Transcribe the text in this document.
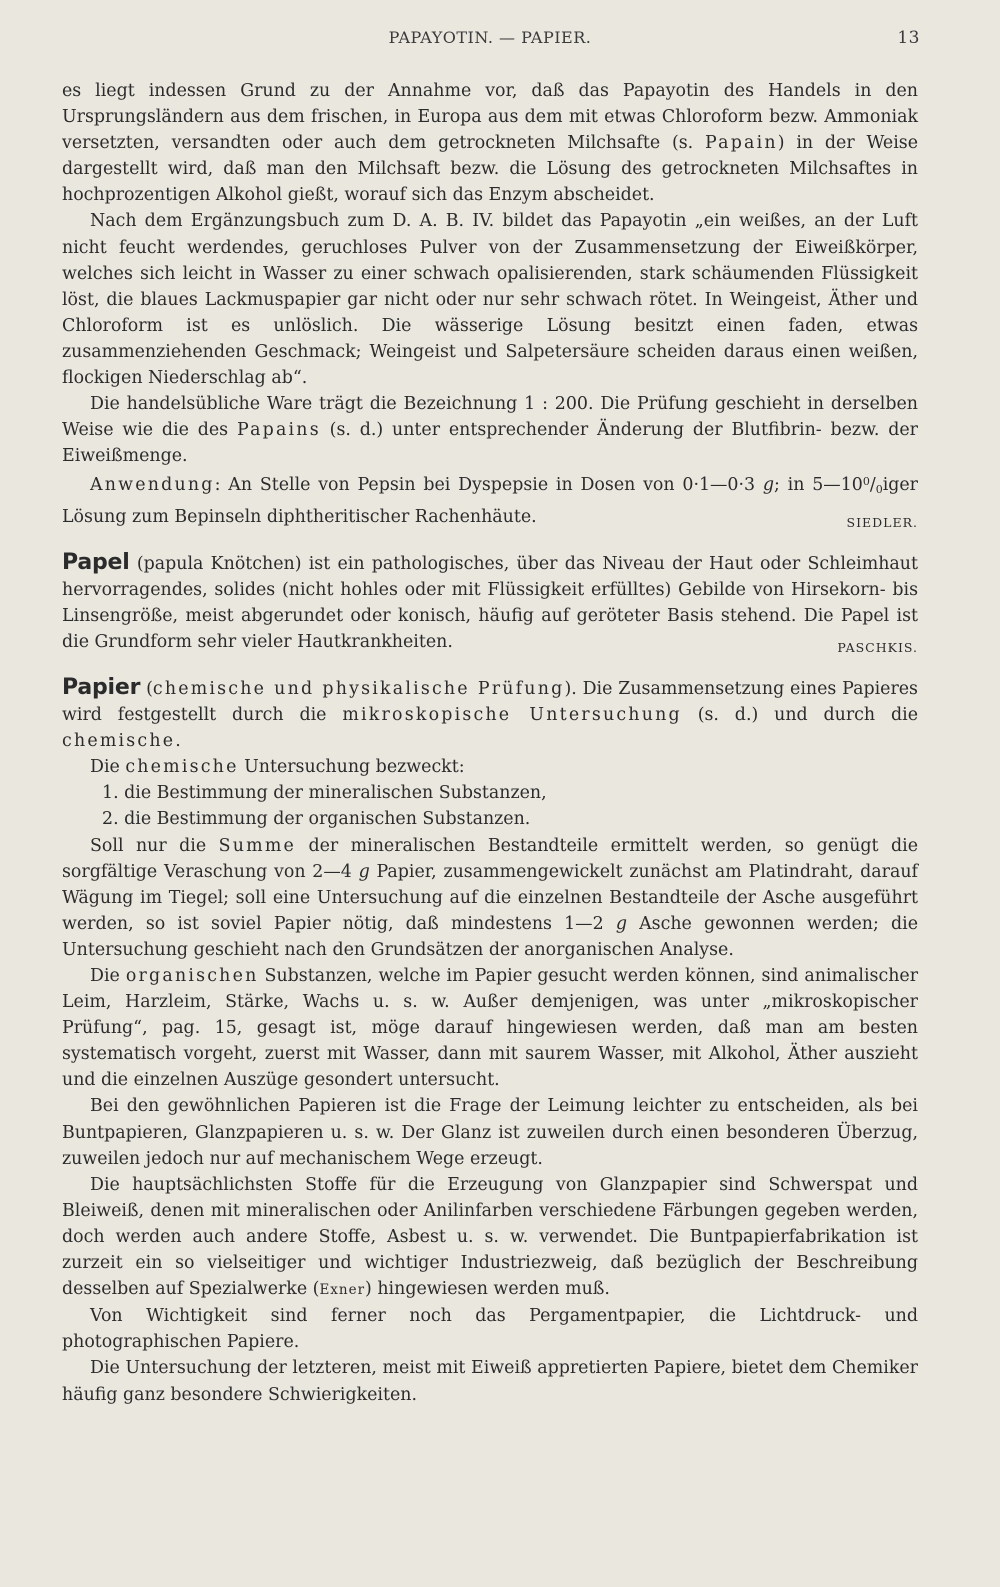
PAPAYOTIN. — PAPIER.	13

es liegt indessen Grund zu der Annahme vor, daß das Papayotin des Handels in den Ursprungsländern aus dem frischen, in Europa aus dem mit etwas Chloroform bezw. Ammoniak versetzten, versandten oder auch dem getrockneten Milchsafte (s. Papain) in der Weise dargestellt wird, daß man den Milchsaft bezw. die Lösung des getrockneten Milchsaftes in hochprozentigen Alkohol gießt, worauf sich das Enzym abscheidet.

Nach dem Ergänzungsbuch zum D. A. B. IV. bildet das Papayotin „ein weißes, an der Luft nicht feucht werdendes, geruchloses Pulver von der Zusammensetzung der Eiweißkörper, welches sich leicht in Wasser zu einer schwach opalisierenden, stark schäumenden Flüssigkeit löst, die blaues Lackmuspapier gar nicht oder nur sehr schwach rötet. In Weingeist, Äther und Chloroform ist es unlöslich. Die wässerige Lösung besitzt einen faden, etwas zusammenziehenden Geschmack; Weingeist und Salpetersäure scheiden daraus einen weißen, flockigen Niederschlag ab“.

Die handelsübliche Ware trägt die Bezeichnung 1 : 200. Die Prüfung geschieht in derselben Weise wie die des Papains (s. d.) unter entsprechender Änderung der Blutfibrin- bezw. der Eiweißmenge.

Anwendung: An Stelle von Pepsin bei Dyspepsie in Dosen von 0·1—0·3 g; in $5—10^0/_0iger$ Lösung zum Bepinseln diphtheritischer Rachenhäute.	SIEDLER.

Papel (papula Knötchen) ist ein pathologisches, über das Niveau der Haut oder Schleimhaut hervorragendes, solides (nicht hohles oder mit Flüssigkeit erfülltes) Gebilde von Hirsekorn- bis Linsengröße, meist abgerundet oder konisch, häufig auf geröteter Basis stehend. Die Papel ist die Grundform sehr vieler Hautkrankheiten.	PASCHKIS.

Papier (chemische und physikalische Prüfung). Die Zusammensetzung eines Papieres wird festgestellt durch die mikroskopische Untersuchung (s. d.) und durch die chemische.

Die chemische Untersuchung bezweckt:

1. die Bestimmung der mineralischen Substanzen,

2. die Bestimmung der organischen Substanzen.

Soll nur die Summe der mineralischen Bestandteile ermittelt werden, so genügt die sorgfältige Veraschung von 2—4 g Papier, zusammengewickelt zunächst am Platindraht, darauf Wägung im Tiegel; soll eine Untersuchung auf die einzelnen Bestandteile der Asche ausgeführt werden, so ist soviel Papier nötig, daß mindestens 1—2 g Asche gewonnen werden; die Untersuchung geschieht nach den Grundsätzen der anorganischen Analyse.

Die organischen Substanzen, welche im Papier gesucht werden können, sind animalischer Leim, Harzleim, Stärke, Wachs u. s. w. Außer demjenigen, was unter „mikroskopischer Prüfung“, pag. 15, gesagt ist, möge darauf hingewiesen werden, daß man am besten systematisch vorgeht, zuerst mit Wasser, dann mit saurem Wasser, mit Alkohol, Äther auszieht und die einzelnen Auszüge gesondert untersucht.

Bei den gewöhnlichen Papieren ist die Frage der Leimung leichter zu entscheiden, als bei Buntpapieren, Glanzpapieren u. s. w. Der Glanz ist zuweilen durch einen besonderen Überzug, zuweilen jedoch nur auf mechanischem Wege erzeugt.

Die hauptsächlichsten Stoffe für die Erzeugung von Glanzpapier sind Schwerspat und Bleiweiß, denen mit mineralischen oder Anilinfarben verschiedene Färbungen gegeben werden, doch werden auch andere Stoffe, Asbest u. s. w. verwendet. Die Buntpapierfabrikation ist zurzeit ein so vielseitiger und wichtiger Industriezweig, daß bezüglich der Beschreibung desselben auf Spezialwerke (Exner) hingewiesen werden muß.

Von Wichtigkeit sind ferner noch das Pergamentpapier, die Lichtdruck- und photographischen Papiere.

Die Untersuchung der letzteren, meist mit Eiweiß appretierten Papiere, bietet dem Chemiker häufig ganz besondere Schwierigkeiten.
